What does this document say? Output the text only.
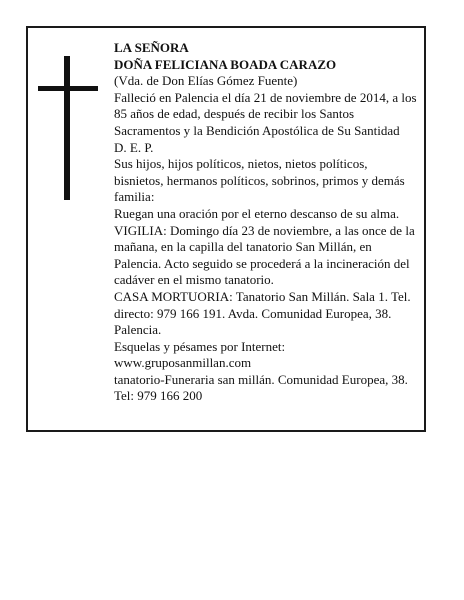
LA SEÑORA

DOÑA FELICIANA BOADA CARAZO

(Vda. de Don Elías Gómez Fuente)

Falleció en Palencia el día 21 de noviembre de 2014, a los 85 años de edad, después de recibir los Santos Sacramentos y la Bendición Apostólica de Su Santidad

D. E. P.

Sus hijos, hijos políticos, nietos, nietos políticos, bisnietos, hermanos políticos, sobrinos, primos y demás familia:

Ruegan una oración por el eterno descanso de su alma.

VIGILIA: Domingo día 23 de noviembre, a las once de la mañana, en la capilla del tanatorio San Millán, en Palencia. Acto seguido se procederá a la incineración del cadáver en el mismo tanatorio.

CASA MORTUORIA: Tanatorio San Millán. Sala 1. Tel. directo: 979 166 191. Avda. Comunidad Europea, 38. Palencia.

Esquelas y pésames por Internet:

www.gruposanmillan.com

tanatorio-Funeraria san millán. Comunidad Europea, 38. Tel: 979 166 200
